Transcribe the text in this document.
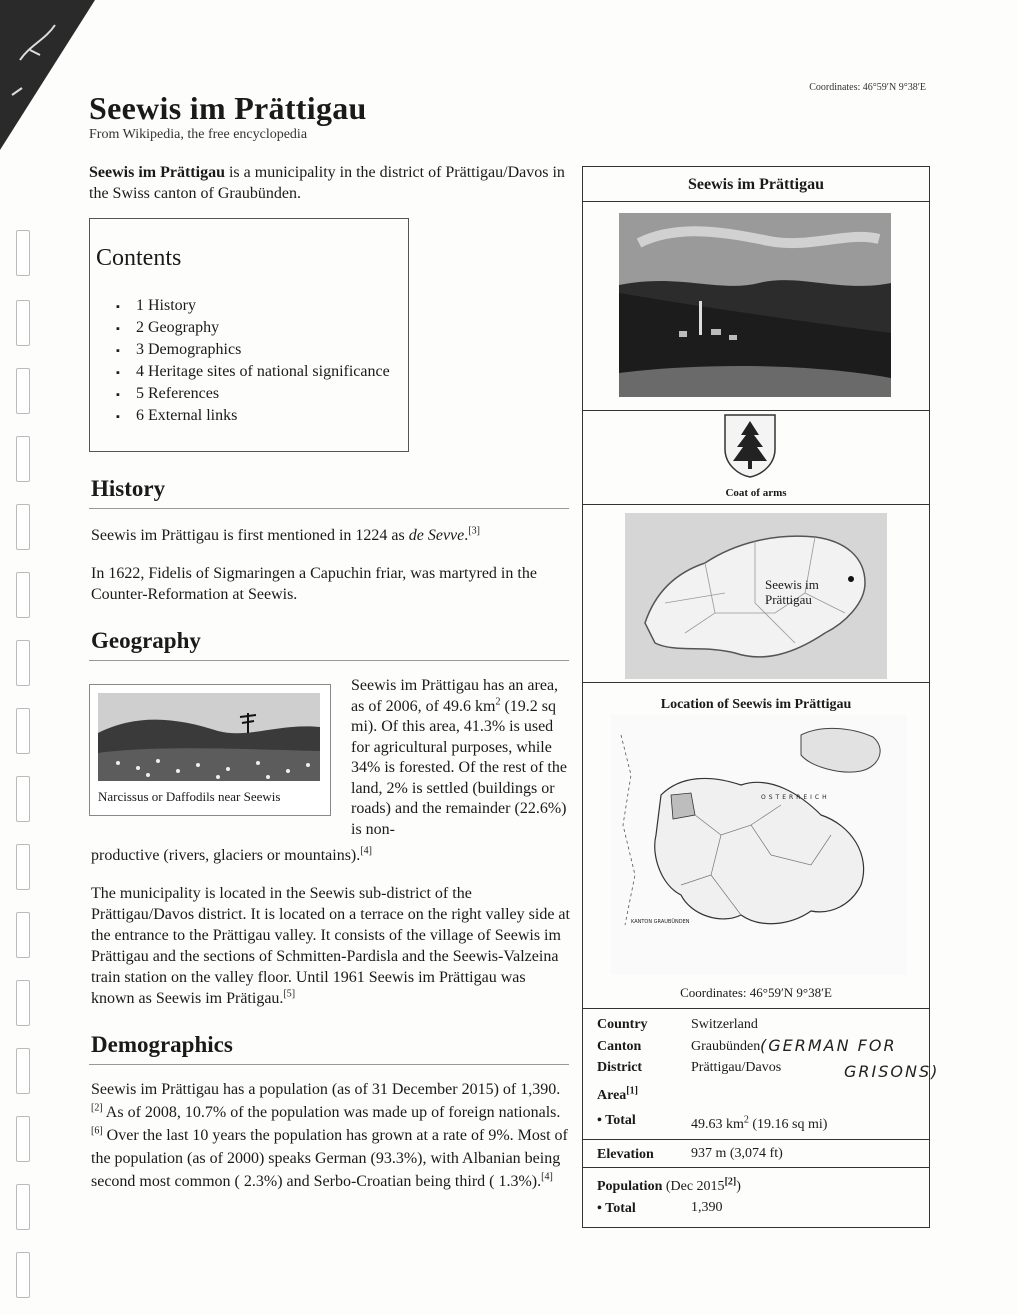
Seewis im Prättigau
From Wikipedia, the free encyclopedia
Coordinates: 46°59′N 9°38′E
Seewis im Prättigau is a municipality in the district of Prättigau/Davos in the Swiss canton of Graubünden.
Contents
▪ 1 History
▪ 2 Geography
▪ 3 Demographics
▪ 4 Heritage sites of national significance
▪ 5 References
▪ 6 External links
History
Seewis im Prättigau is first mentioned in 1224 as de Sevve.[3]
In 1622, Fidelis of Sigmaringen a Capuchin friar, was martyred in the Counter-Reformation at Seewis.
Geography
Narcissus or Daffodils near Seewis
Seewis im Prättigau has an area, as of 2006, of 49.6 $km^2$ (19.2 sq mi). Of this area, 41.3% is used for agricultural purposes, while 34% is forested. Of the rest of the land, 2% is settled (buildings or roads) and the remainder (22.6%) is non-
productive (rivers, glaciers or mountains).[4]
The municipality is located in the Seewis sub-district of the Prättigau/Davos district. It is located on a terrace on the right valley side at the entrance to the Prättigau valley. It consists of the village of Seewis im Prättigau and the sections of Schmitten-Pardisla and the Seewis-Valzeina train station on the valley floor. Until 1961 Seewis im Prättigau was known as Seewis im Prätigau.[5]
Demographics
Seewis im Prättigau has a population (as of 31 December 2015) of 1,390.[2] As of 2008, 10.7% of the population was made up of foreign nationals.[6] Over the last 10 years the population has grown at a rate of 9%. Most of the population (as of 2000) speaks German (93.3%), with Albanian being second most common ( 2.3%) and Serbo-Croatian being third ( 1.3%).[4]
Seewis im Prättigau
Coat of arms
Seewis im Prättigau
Location of Seewis im Prättigau
OSTERREICH
KANTON GRAUBÜNDEN
Coordinates: 46°59′N 9°38′E
Country	Switzerland
Canton	Graubünden
District	Prättigau/Davos
Area[1]
• Total	49.63 $km^2$ (19.16 sq mi)
Elevation	937 m (3,074 ft)
Population (Dec 2015[2])
• Total	1,390
(GERMAN FOR
GRISONS)
